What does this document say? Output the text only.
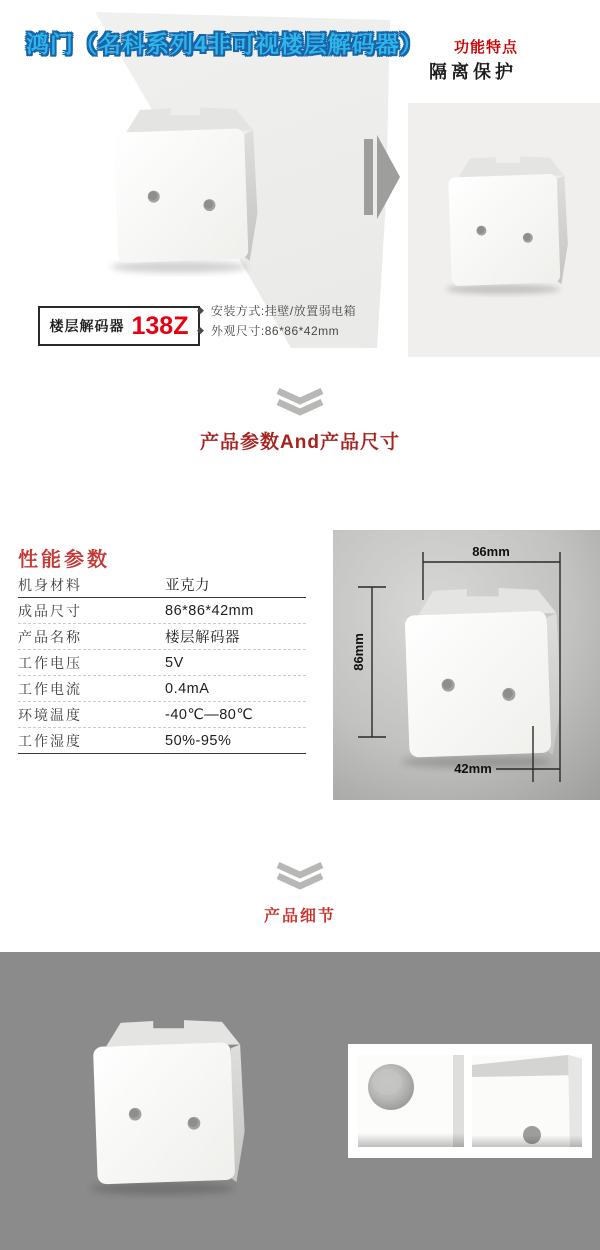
鸿门（名科系列4非可视楼层解码器）
楼层解码器 138Z
◆ 安装方式:挂壁/放置弱电箱
◆ 外观尺寸:86*86*42mm
功能特点
隔离保护
产品参数And产品尺寸
性能参数
机身材料	亚克力
成品尺寸	86*86*42mm
产品名称	楼层解码器
工作电压	5V
工作电流	0.4mA
环境温度	-40℃—80℃
工作湿度	50%-95%
86mm
86mm
42mm
产品细节
